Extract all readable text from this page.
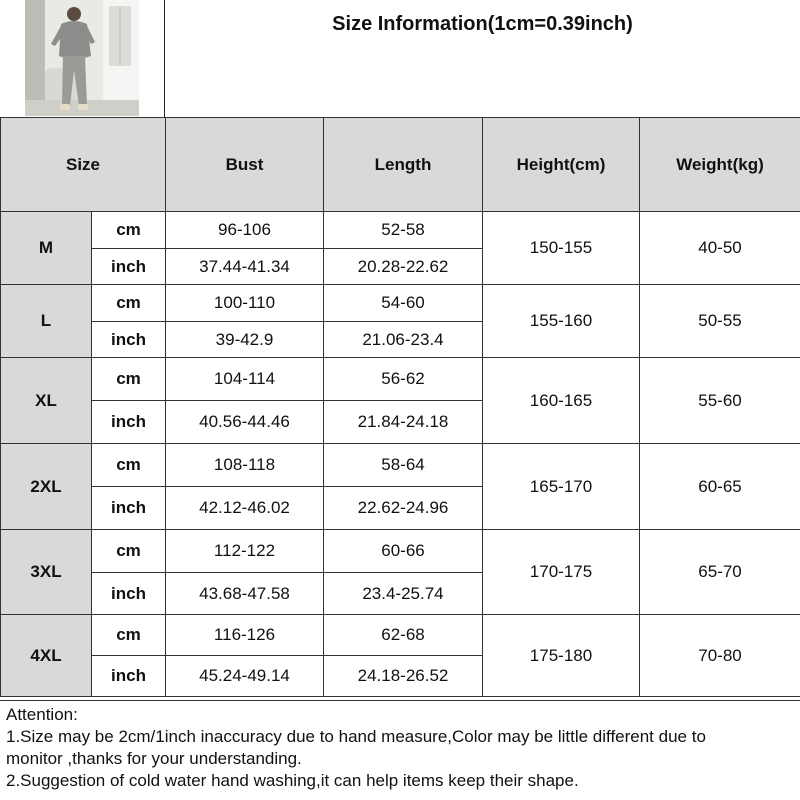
Size Information(1cm=0.39inch)
Size		Bust	Length	Height(cm)	Weight(kg)
M	cm	96-106	52-58	150-155	40-50
	inch	37.44-41.34	20.28-22.62		
L	cm	100-110	54-60	155-160	50-55
	inch	39-42.9	21.06-23.4		
XL	cm	104-114	56-62	160-165	55-60
	inch	40.56-44.46	21.84-24.18		
2XL	cm	108-118	58-64	165-170	60-65
	inch	42.12-46.02	22.62-24.96		
3XL	cm	112-122	60-66	170-175	65-70
	inch	43.68-47.58	23.4-25.74		
4XL	cm	116-126	62-68	175-180	70-80
	inch	45.24-49.14	24.18-26.52		
Attention:
1.Size may be 2cm/1inch inaccuracy due to hand measure,Color may be little different due to
monitor ,thanks for your understanding.
2.Suggestion of cold water hand washing,it can help items keep their shape.
